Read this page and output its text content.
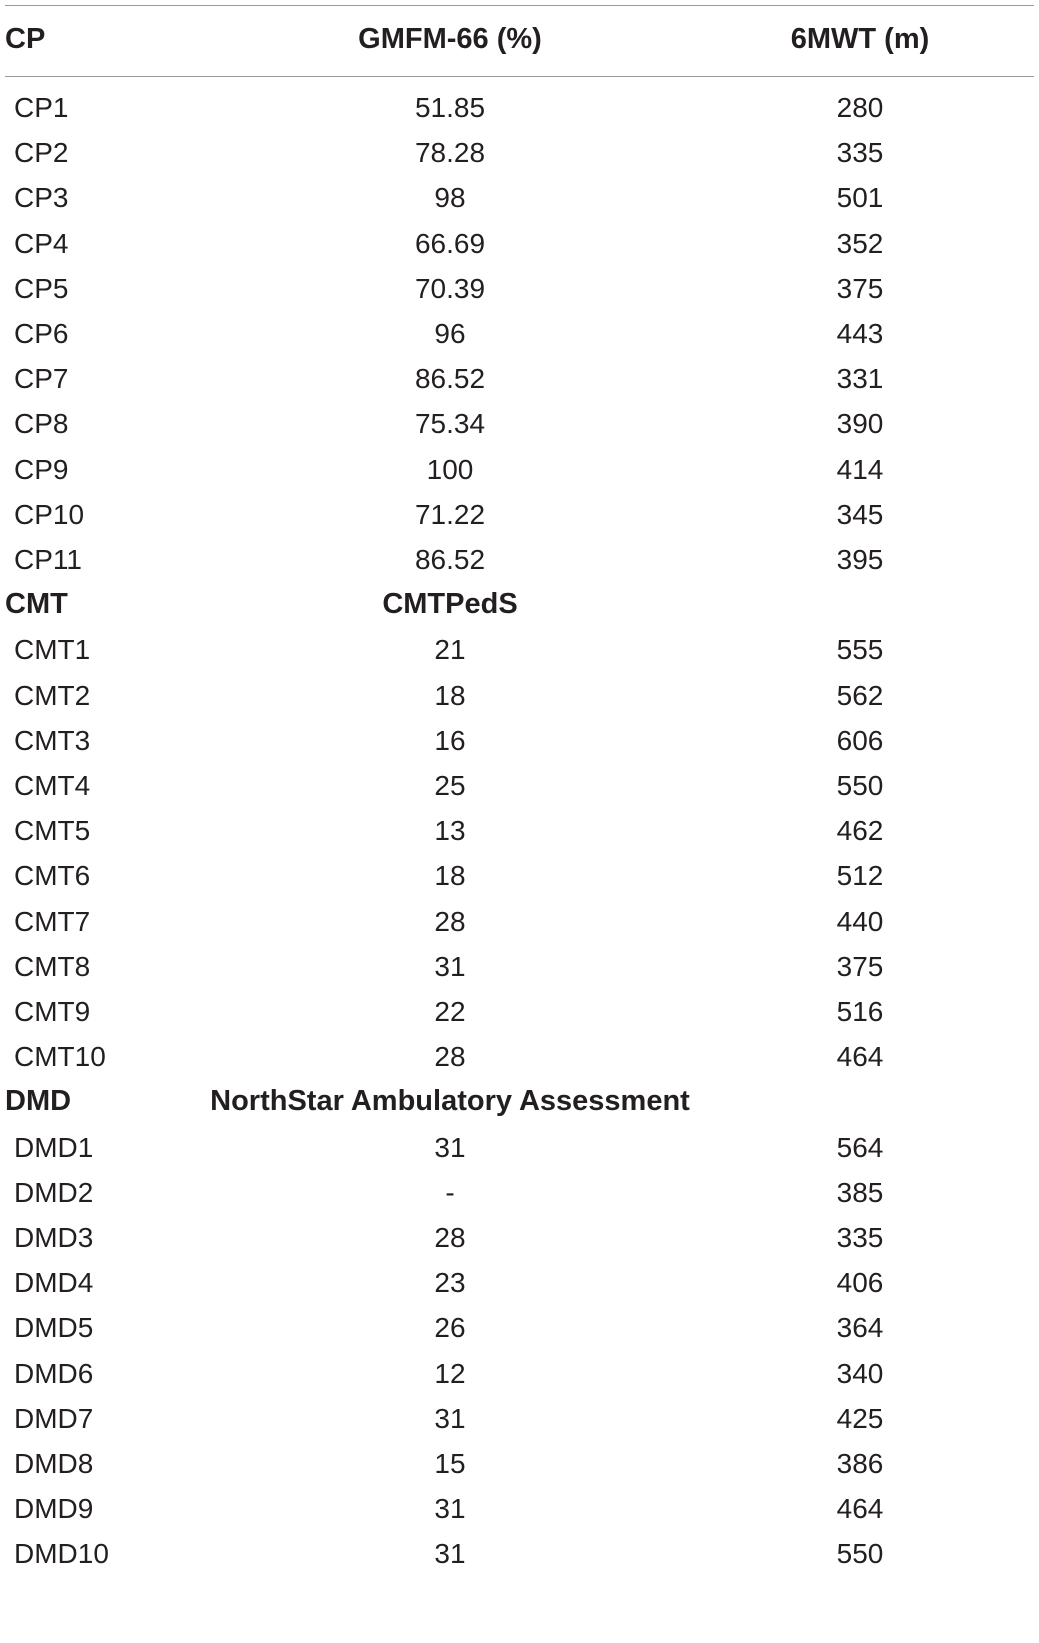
CP	GMFM-66 (%)	6MWT (m)
CP1	51.85	280
CP2	78.28	335
CP3	98	501
CP4	66.69	352
CP5	70.39	375
CP6	96	443
CP7	86.52	331
CP8	75.34	390
CP9	100	414
CP10	71.22	345
CP11	86.52	395
CMT	CMTPedS
CMT1	21	555
CMT2	18	562
CMT3	16	606
CMT4	25	550
CMT5	13	462
CMT6	18	512
CMT7	28	440
CMT8	31	375
CMT9	22	516
CMT10	28	464
DMD	NorthStar Ambulatory Assessment
DMD1	31	564
DMD2	-	385
DMD3	28	335
DMD4	23	406
DMD5	26	364
DMD6	12	340
DMD7	31	425
DMD8	15	386
DMD9	31	464
DMD10	31	550
